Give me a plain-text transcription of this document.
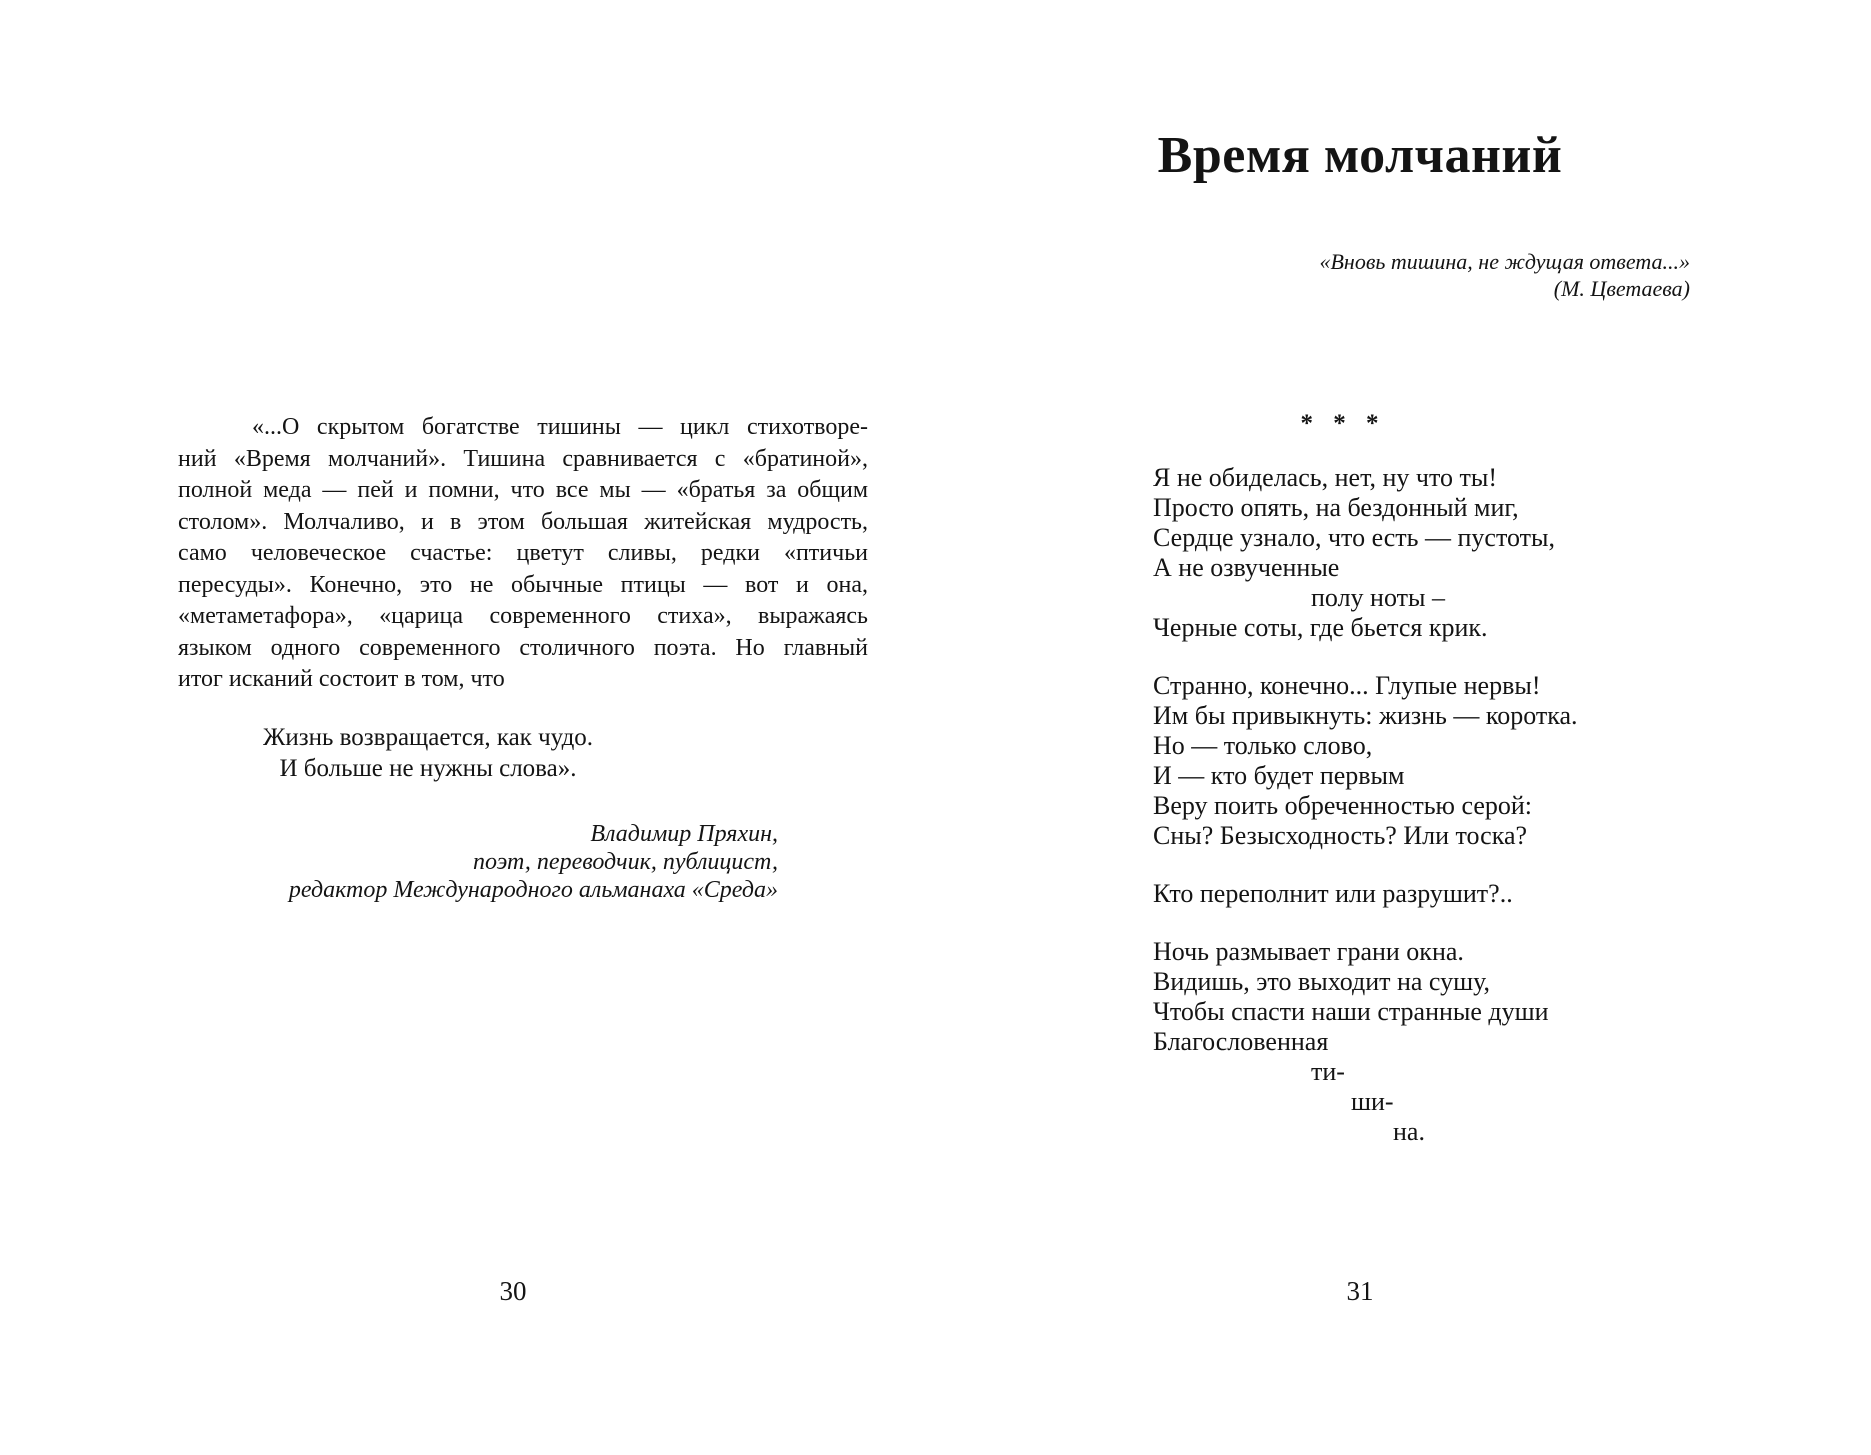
«...О скрытом богатстве тишины — цикл стихотворе-
ний «Время молчаний». Тишина сравнивается с «братиной»,
полной меда — пей и помни, что все мы — «братья за общим
столом». Молчаливо, и в этом большая житейская мудрость,
само человеческое счастье: цветут сливы, редки «птичьи
пересуды». Конечно, это не обычные птицы — вот и она,
«метаметафора», «царица современного стиха», выражаясь
языком одного современного столичного поэта. Но главный
итог исканий состоит в том, что
Жизнь возвращается, как чудо.
И больше не нужны слова».
Владимир Пряхин,
поэт, переводчик, публицист,
редактор Международного альманаха «Среда»
30
Время молчаний
«Вновь тишина, не ждущая ответа...»
(М. Цветаева)
* * *
Я не обиделась, нет, ну что ты!
Просто опять, на бездонный миг,
Сердце узнало, что есть — пустоты,
А не озвученные
полу ноты –
Черные соты, где бьется крик.
Странно, конечно... Глупые нервы!
Им бы привыкнуть: жизнь — коротка.
Но — только слово,
И — кто будет первым
Веру поить обреченностью серой:
Сны? Безысходность? Или тоска?
Кто переполнит или разрушит?..
Ночь размывает грани окна.
Видишь, это выходит на сушу,
Чтобы спасти наши странные души
Благословенная
ти-
ши-
на.
31
